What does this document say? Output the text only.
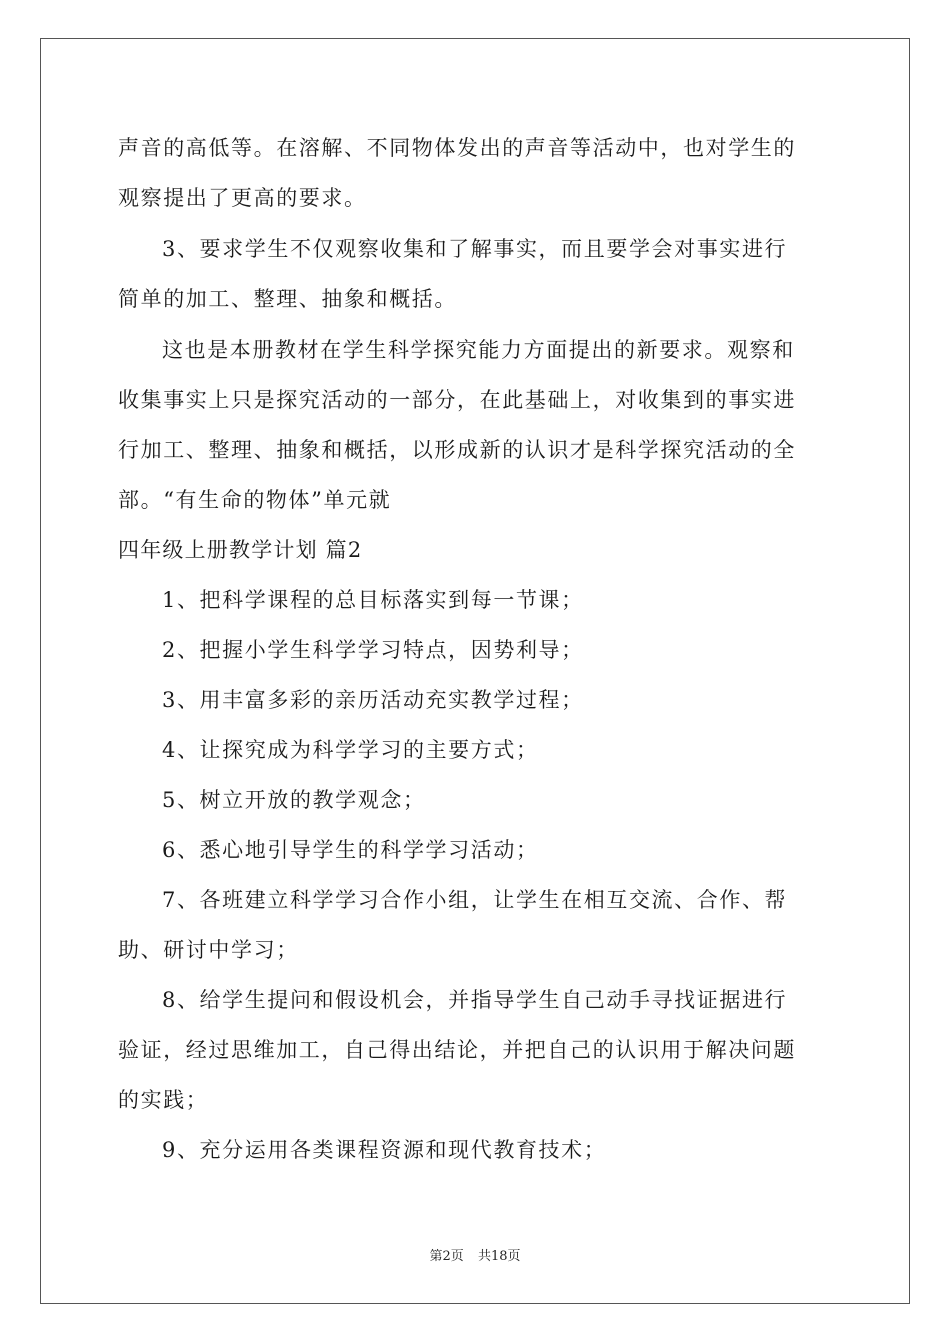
声音的高低等。在溶解、不同物体发出的声音等活动中，也对学生的
观察提出了更高的要求。
3、要求学生不仅观察收集和了解事实，而且要学会对事实进行
简单的加工、整理、抽象和概括。
这也是本册教材在学生科学探究能力方面提出的新要求。观察和
收集事实上只是探究活动的一部分，在此基础上，对收集到的事实进
行加工、整理、抽象和概括，以形成新的认识才是科学探究活动的全
部。“有生命的物体”单元就
四年级上册教学计划 篇2
1、把科学课程的总目标落实到每一节课；
2、把握小学生科学学习特点，因势利导；
3、用丰富多彩的亲历活动充实教学过程；
4、让探究成为科学学习的主要方式；
5、树立开放的教学观念；
6、悉心地引导学生的科学学习活动；
7、各班建立科学学习合作小组，让学生在相互交流、合作、帮
助、研讨中学习；
8、给学生提问和假设机会，并指导学生自己动手寻找证据进行
验证，经过思维加工，自己得出结论，并把自己的认识用于解决问题
的实践；
9、充分运用各类课程资源和现代教育技术；
第2页 共18页
